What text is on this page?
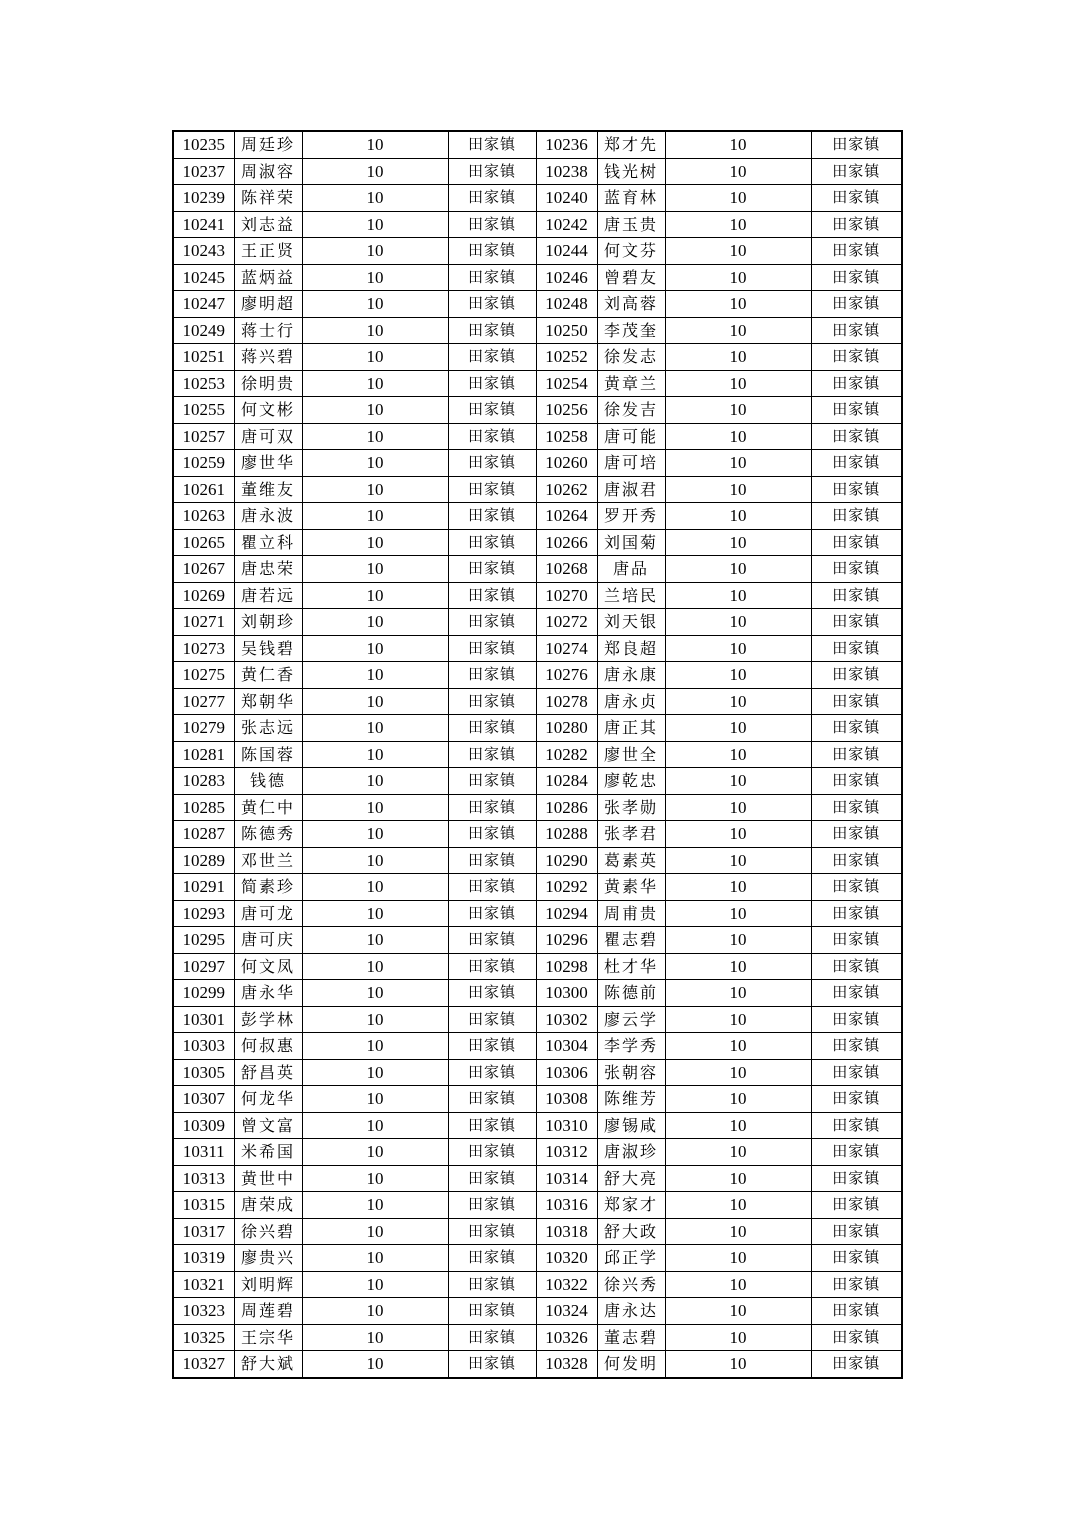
10235	周廷珍	10	田家镇	10236	郑才先	10	田家镇
10237	周淑容	10	田家镇	10238	钱光树	10	田家镇
10239	陈祥荣	10	田家镇	10240	蓝育林	10	田家镇
10241	刘志益	10	田家镇	10242	唐玉贵	10	田家镇
10243	王正贤	10	田家镇	10244	何文芬	10	田家镇
10245	蓝炳益	10	田家镇	10246	曾碧友	10	田家镇
10247	廖明超	10	田家镇	10248	刘高蓉	10	田家镇
10249	蒋士行	10	田家镇	10250	李茂奎	10	田家镇
10251	蒋兴碧	10	田家镇	10252	徐发志	10	田家镇
10253	徐明贵	10	田家镇	10254	黄章兰	10	田家镇
10255	何文彬	10	田家镇	10256	徐发吉	10	田家镇
10257	唐可双	10	田家镇	10258	唐可能	10	田家镇
10259	廖世华	10	田家镇	10260	唐可培	10	田家镇
10261	董维友	10	田家镇	10262	唐淑君	10	田家镇
10263	唐永波	10	田家镇	10264	罗开秀	10	田家镇
10265	瞿立科	10	田家镇	10266	刘国菊	10	田家镇
10267	唐忠荣	10	田家镇	10268	唐品	10	田家镇
10269	唐若远	10	田家镇	10270	兰培民	10	田家镇
10271	刘朝珍	10	田家镇	10272	刘天银	10	田家镇
10273	吴钱碧	10	田家镇	10274	郑良超	10	田家镇
10275	黄仁香	10	田家镇	10276	唐永康	10	田家镇
10277	郑朝华	10	田家镇	10278	唐永贞	10	田家镇
10279	张志远	10	田家镇	10280	唐正其	10	田家镇
10281	陈国蓉	10	田家镇	10282	廖世全	10	田家镇
10283	钱德	10	田家镇	10284	廖乾忠	10	田家镇
10285	黄仁中	10	田家镇	10286	张孝勋	10	田家镇
10287	陈德秀	10	田家镇	10288	张孝君	10	田家镇
10289	邓世兰	10	田家镇	10290	葛素英	10	田家镇
10291	简素珍	10	田家镇	10292	黄素华	10	田家镇
10293	唐可龙	10	田家镇	10294	周甫贵	10	田家镇
10295	唐可庆	10	田家镇	10296	瞿志碧	10	田家镇
10297	何文凤	10	田家镇	10298	杜才华	10	田家镇
10299	唐永华	10	田家镇	10300	陈德前	10	田家镇
10301	彭学林	10	田家镇	10302	廖云学	10	田家镇
10303	何叔惠	10	田家镇	10304	李学秀	10	田家镇
10305	舒昌英	10	田家镇	10306	张朝容	10	田家镇
10307	何龙华	10	田家镇	10308	陈维芳	10	田家镇
10309	曾文富	10	田家镇	10310	廖锡咸	10	田家镇
10311	米希国	10	田家镇	10312	唐淑珍	10	田家镇
10313	黄世中	10	田家镇	10314	舒大亮	10	田家镇
10315	唐荣成	10	田家镇	10316	郑家才	10	田家镇
10317	徐兴碧	10	田家镇	10318	舒大政	10	田家镇
10319	廖贵兴	10	田家镇	10320	邱正学	10	田家镇
10321	刘明辉	10	田家镇	10322	徐兴秀	10	田家镇
10323	周莲碧	10	田家镇	10324	唐永达	10	田家镇
10325	王宗华	10	田家镇	10326	董志碧	10	田家镇
10327	舒大斌	10	田家镇	10328	何发明	10	田家镇
